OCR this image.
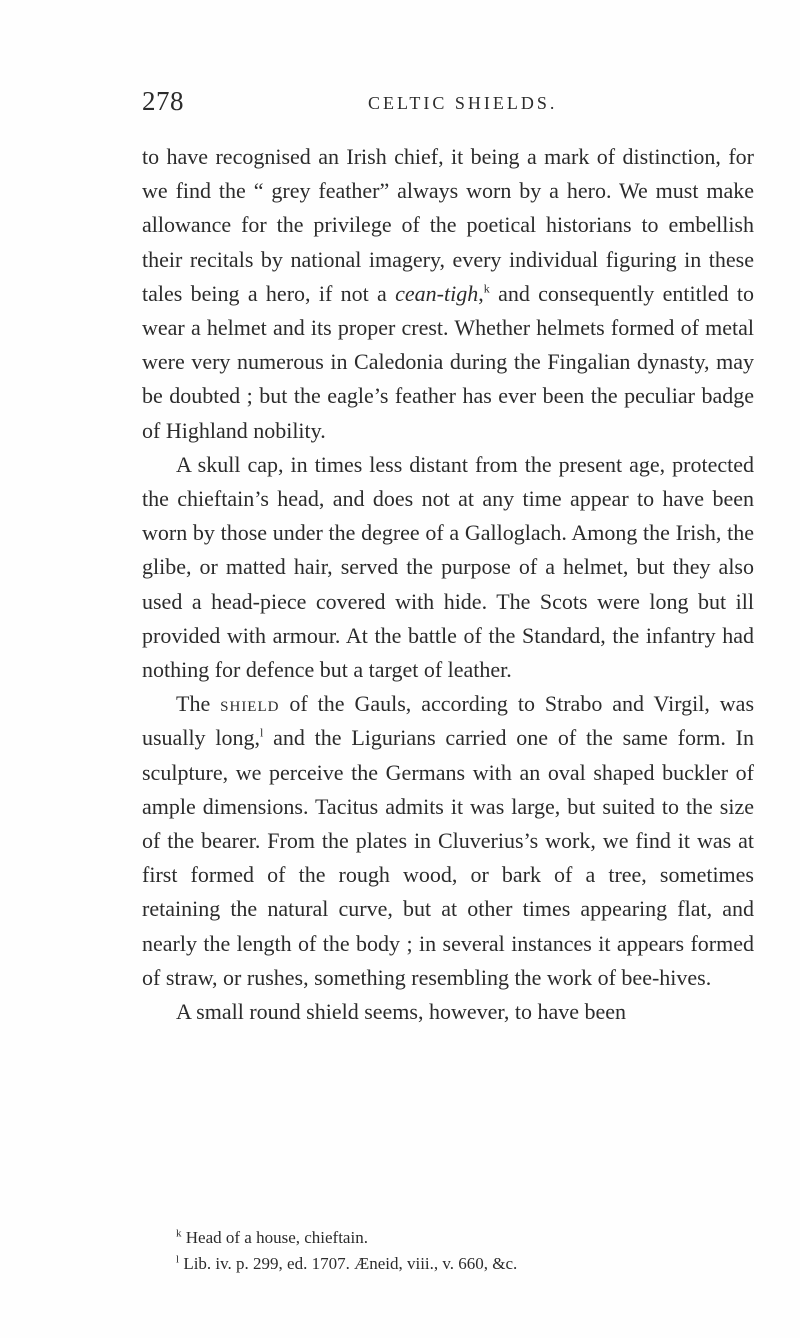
278	CELTIC SHIELDS.

to have recognised an Irish chief, it being a mark of distinction, for we find the “ grey feather” always worn by a hero. We must make allowance for the privilege of the poetical historians to embellish their recitals by national imagery, every individual figuring in these tales being a hero, if not a cean-tigh,$^k$ and consequently entitled to wear a helmet and its proper crest. Whether helmets formed of metal were very numerous in Caledonia during the Fingalian dynasty, may be doubted ; but the eagle’s feather has ever been the peculiar badge of Highland nobility.

A skull cap, in times less distant from the present age, protected the chieftain’s head, and does not at any time appear to have been worn by those under the degree of a Galloglach. Among the Irish, the glibe, or matted hair, served the purpose of a helmet, but they also used a head-piece covered with hide. The Scots were long but ill provided with armour. At the battle of the Standard, the infantry had nothing for defence but a target of leather.

The shield of the Gauls, according to Strabo and Virgil, was usually long,$^l$ and the Ligurians carried one of the same form. In sculpture, we perceive the Germans with an oval shaped buckler of ample dimensions. Tacitus admits it was large, but suited to the size of the bearer. From the plates in Cluverius’s work, we find it was at first formed of the rough wood, or bark of a tree, sometimes retaining the natural curve, but at other times appearing flat, and nearly the length of the body ; in several instances it appears formed of straw, or rushes, something resembling the work of bee-hives.

A small round shield seems, however, to have been

$^k$ Head of a house, chieftain.

$^l$ Lib. iv. p. 299, ed. 1707. Æneid, viii., v. 660, &c.
